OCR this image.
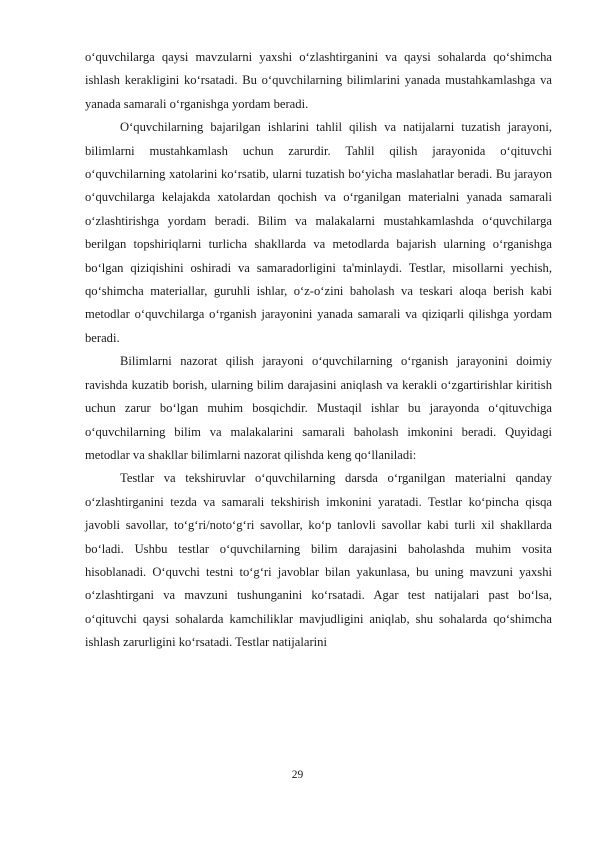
o‘quvchilarga qaysi mavzularni yaxshi o‘zlashtirganini va qaysi sohalarda qo‘shimcha ishlash kerakligini ko‘rsatadi. Bu o‘quvchilarning bilimlarini yanada mustahkamlashga va yanada samarali o‘rganishga yordam beradi.

O‘quvchilarning bajarilgan ishlarini tahlil qilish va natijalarni tuzatish jarayoni, bilimlarni mustahkamlash uchun zarurdir. Tahlil qilish jarayonida o‘qituvchi o‘quvchilarning xatolarini ko‘rsatib, ularni tuzatish bo‘yicha maslahatlar beradi. Bu jarayon o‘quvchilarga kelajakda xatolardan qochish va o‘rganilgan materialni yanada samarali o‘zlashtirishga yordam beradi. Bilim va malakalarni mustahkamlashda o‘quvchilarga berilgan topshiriqlarni turlicha shakllarda va metodlarda bajarish ularning o‘rganishga bo‘lgan qiziqishini oshiradi va samaradorligini ta'minlaydi. Testlar, misollarni yechish, qo‘shimcha materiallar, guruhli ishlar, o‘z-o‘zini baholash va teskari aloqa berish kabi metodlar o‘quvchilarga o‘rganish jarayonini yanada samarali va qiziqarli qilishga yordam beradi.

Bilimlarni nazorat qilish jarayoni o‘quvchilarning o‘rganish jarayonini doimiy ravishda kuzatib borish, ularning bilim darajasini aniqlash va kerakli o‘zgartirishlar kiritish uchun zarur bo‘lgan muhim bosqichdir. Mustaqil ishlar bu jarayonda o‘qituvchiga o‘quvchilarning bilim va malakalarini samarali baholash imkonini beradi. Quyidagi metodlar va shakllar bilimlarni nazorat qilishda keng qo‘llaniladi:

Testlar va tekshiruvlar o‘quvchilarning darsda o‘rganilgan materialni qanday o‘zlashtirganini tezda va samarali tekshirish imkonini yaratadi. Testlar ko‘pincha qisqa javobli savollar, to‘g‘ri/noto‘g‘ri savollar, ko‘p tanlovli savollar kabi turli xil shakllarda bo‘ladi. Ushbu testlar o‘quvchilarning bilim darajasini baholashda muhim vosita hisoblanadi. O‘quvchi testni to‘g‘ri javoblar bilan yakunlasa, bu uning mavzuni yaxshi o‘zlashtirgani va mavzuni tushunganini ko‘rsatadi. Agar test natijalari past bo‘lsa, o‘qituvchi qaysi sohalarda kamchiliklar mavjudligini aniqlab, shu sohalarda qo‘shimcha ishlash zarurligini ko‘rsatadi. Testlar natijalarini

29
